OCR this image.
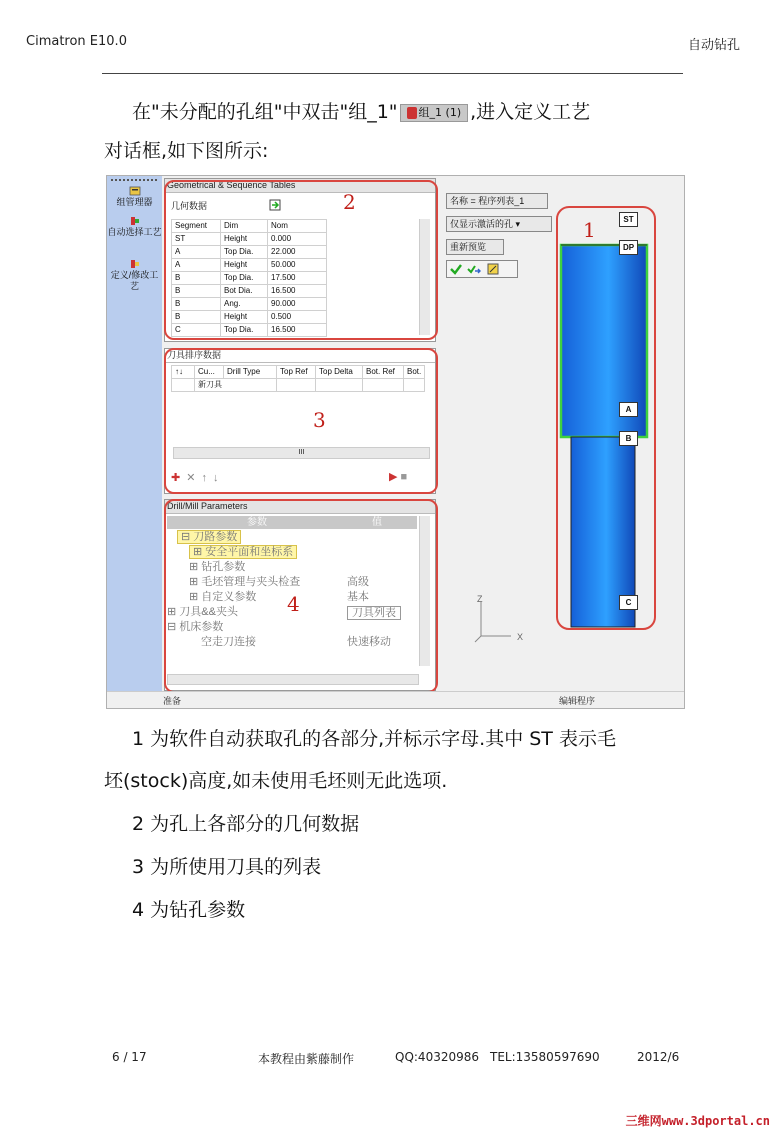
Cimatron E10.0	自动钻孔
在"未分配的孔组"中双击"组_1" 组_1 (1) ,进入定义工艺
对话框,如下图所示:
组管理器
自动选择工艺
定义/修改工艺
Geometrical & Sequence Tables
几何数据
Segment	Dim	Nom
ST	Height	0.000
A	Top Dia.	22.000
A	Height	50.000
B	Top Dia.	17.500
B	Bot Dia.	16.500
B	Ang.	90.000
B	Height	0.500
C	Top Dia.	16.500
刀具排序数据
↑↓	Cu...	Drill Type	Top Ref	Top Delta	Bot. Ref	Bot.
	新刀具					
III
✚✕↑↓	▶ ■
Drill/Mill Parameters
参数	值
⊟ 刀路参数
⊞ 安全平面和坐标系
⊞ 钻孔参数
⊞ 毛坯管理与夹头检查	高级
⊞ 自定义参数	基本
⊞ 刀具&&夹头	刀具列表
⊟ 机床参数
空走刀连接	快速移动
2
3
4
名称 = 程序列表_1
仅显示激活的孔 ▾
重新预览
1	ST
DP
A
B
C
Z
X
准备	编辑程序
1 为软件自动获取孔的各部分,并标示字母.其中 ST 表示毛
坯(stock)高度,如未使用毛坯则无此选项.
2 为孔上各部分的几何数据
3 为所使用刀具的列表
4 为钻孔参数
6 / 17	本教程由紫藤制作	QQ:40320986 TEL:13580597690	2012/6
三维网www.3dportal.cn
